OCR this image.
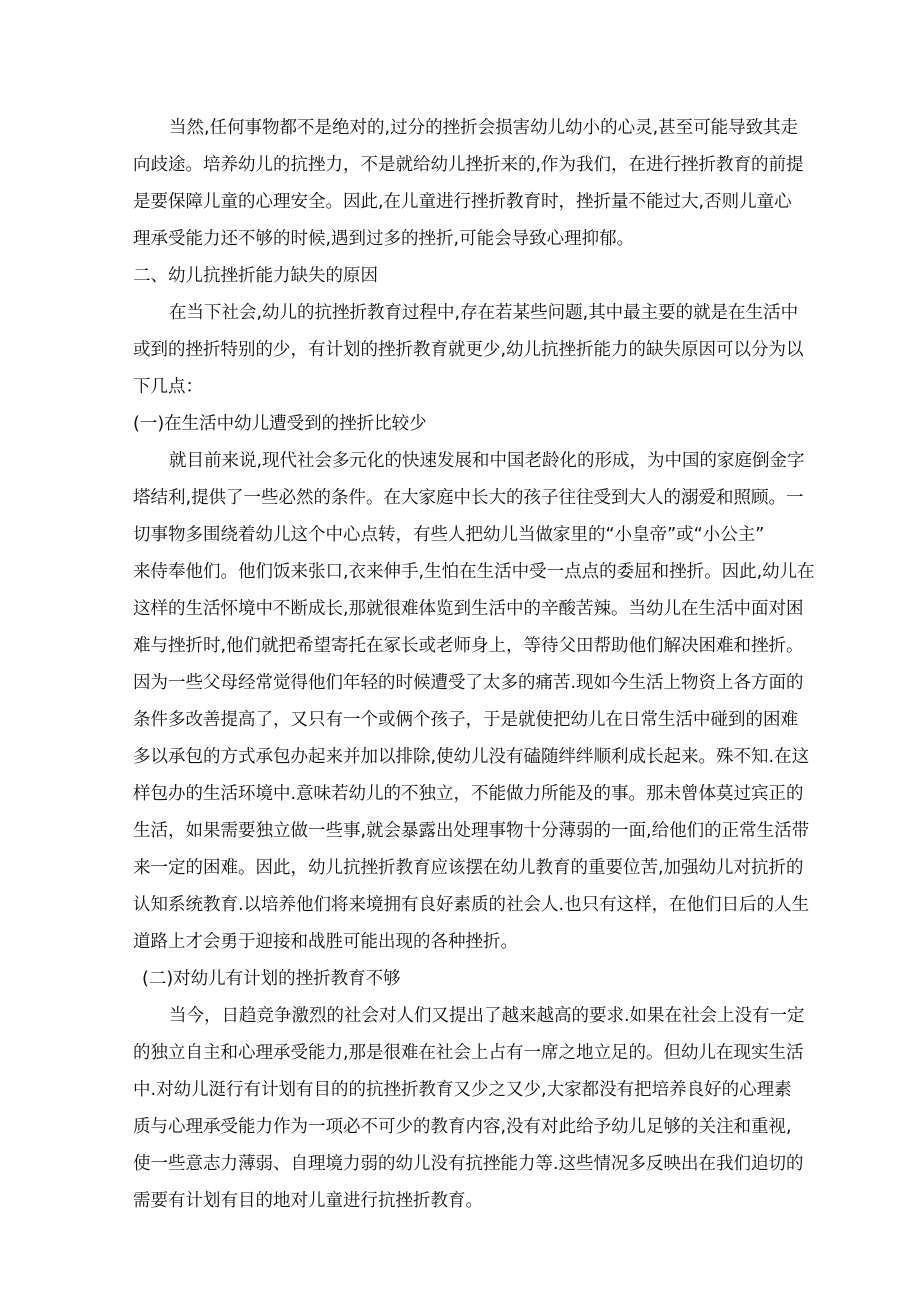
当然,任何事物都不是绝对的,过分的挫折会损害幼儿幼小的心灵,甚至可能导致其走
向歧途。培养幼儿的抗挫力，不是就给幼儿挫折来的,作为我们，在进行挫折教育的前提
是要保障儿童的心理安全。因此,在儿童进行挫折教育时，挫折量不能过大,否则儿童心
理承受能力还不够的时候,遇到过多的挫折,可能会导致心理抑郁。
二、幼儿抗挫折能力缺失的原因
在当下社会,幼儿的抗挫折教育过程中,存在若某些问题,其中最主要的就是在生活中
或到的挫折特别的少，有计划的挫折教育就更少,幼儿抗挫折能力的缺失原因可以分为以
下几点：
(一)在生活中幼儿遭受到的挫折比较少
就目前来说,现代社会多元化的快速发展和中国老龄化的形成，为中国的家庭倒金字
塔结利,提供了一些必然的条件。在大家庭中长大的孩子往往受到大人的溺爱和照顾。一
切事物多围绕着幼儿这个中心点转，有些人把幼儿当做家里的“小皇帝”或“小公主”
来侍奉他们。他们饭来张口,衣来伸手,生怕在生活中受一点点的委屈和挫折。因此,幼儿在
这样的生活怀境中不断成长,那就很难体览到生活中的辛酸苦辣。当幼儿在生活中面对困
难与挫折时,他们就把希望寄托在冢长或老师身上，等待父田帮助他们解决困难和挫折。
因为一些父母经常觉得他们年轻的时候遭受了太多的痛苦.现如今生活上物资上各方面的
条件多改善提高了，又只有一个或俩个孩子，于是就使把幼儿在日常生活中碰到的困难
多以承包的方式承包办起来并加以排除,使幼儿没有磕随绊绊顺利成长起来。殊不知.在这
样包办的生活环境中.意味若幼儿的不独立，不能做力所能及的事。那未曾体莫过宾正的
生活，如果需要独立做一些事,就会暴露出处理事物十分薄弱的一面,给他们的正常生活带
来一定的困难。因此，幼儿抗挫折教育应该摆在幼儿教育的重要位苦,加强幼儿对抗折的
认知系统教育.以培养他们将来境拥有良好素质的社会人.也只有这样，在他们日后的人生
道路上才会勇于迎接和战胜可能出现的各种挫折。
(二)对幼儿有计划的挫折教育不够
当今，日趋竞争激烈的社会对人们又提出了越来越高的要求.如果在社会上没有一定
的独立自主和心理承受能力,那是很难在社会上占有一席之地立足的。但幼儿在现实生活
中.对幼儿涏行有计划有目的的抗挫折教育又少之又少,大家都没有把培养良好的心理素
质与心理承受能力作为一项必不可少的教育内容,没有对此给予幼儿足够的关注和重视,
使一些意志力薄弱、自理境力弱的幼儿没有抗挫能力等.这些情况多反映出在我们迫切的
需要有计划有目的地对儿童进行抗挫折教育。
